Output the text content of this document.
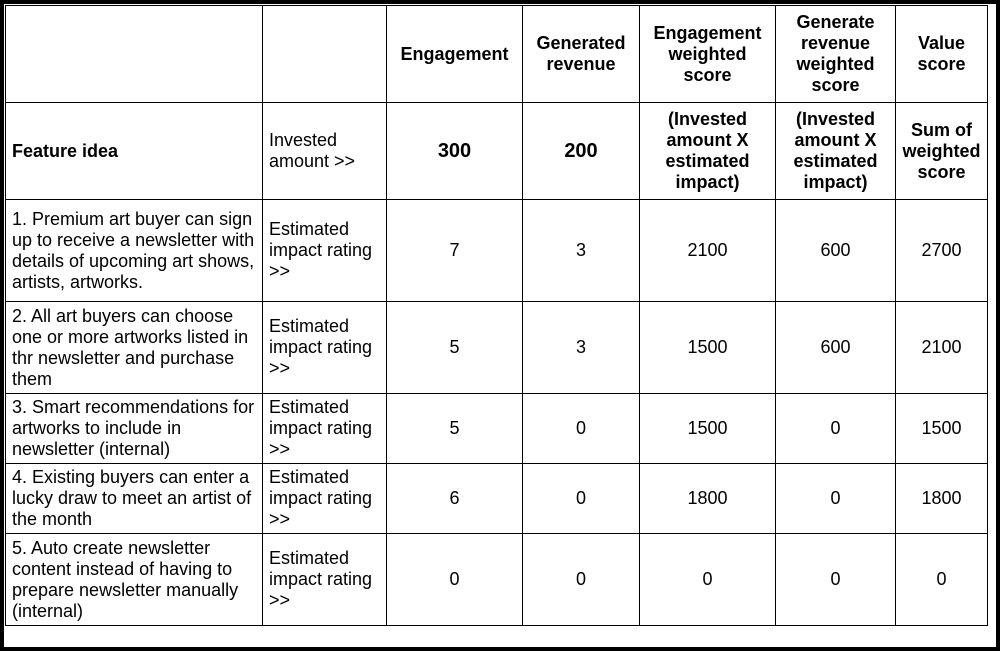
		Engagement	Generated revenue	Engagement weighted score	Generate revenue weighted score	Value score
Feature idea	Invested amount >>	300	200	(Invested amount X estimated impact)	(Invested amount X estimated impact)	Sum of weighted score
1. Premium art buyer can sign up to receive a newsletter with details of upcoming art shows, artists, artworks.	Estimated impact rating >>	7	3	2100	600	2700
2. All art buyers can choose one or more artworks listed in thr newsletter and purchase them	Estimated impact rating >>	5	3	1500	600	2100
3. Smart recommendations for artworks to include in newsletter (internal)	Estimated impact rating >>	5	0	1500	0	1500
4. Existing buyers can enter a lucky draw to meet an artist of the month	Estimated impact rating >>	6	0	1800	0	1800
5. Auto create newsletter content instead of having to prepare newsletter manually (internal)	Estimated impact rating >>	0	0	0	0	0
